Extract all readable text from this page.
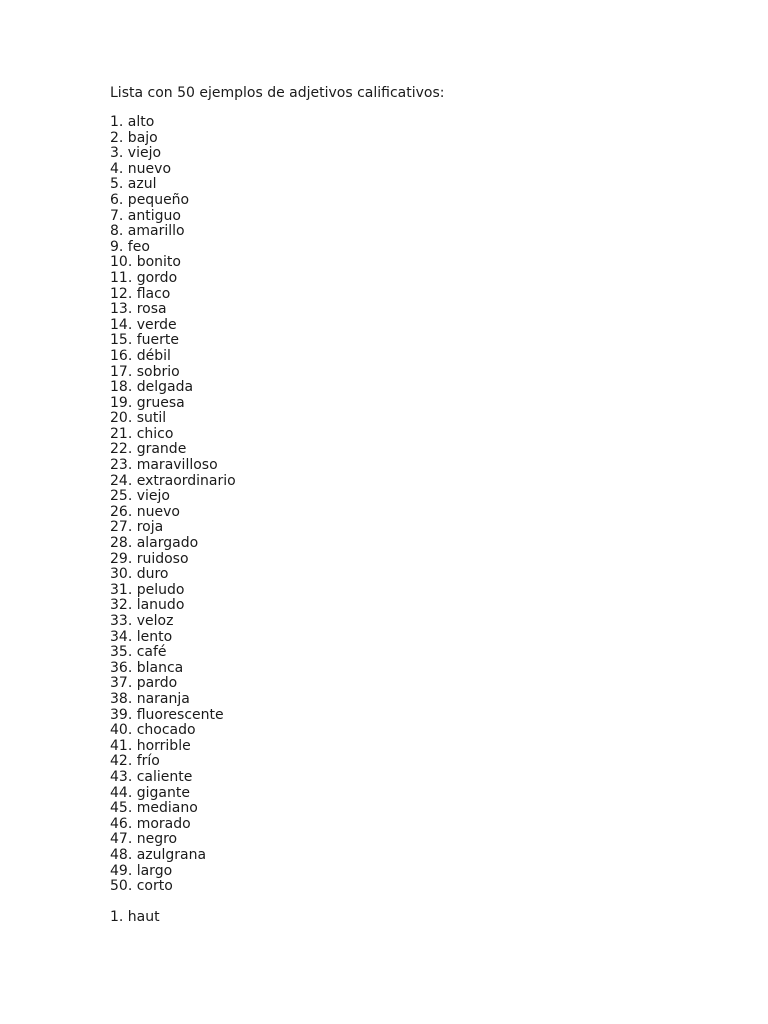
Lista con 50 ejemplos de adjetivos calificativos:
1. alto
2. bajo
3. viejo
4. nuevo
5. azul
6. pequeño
7. antiguo
8. amarillo
9. feo
10. bonito
11. gordo
12. flaco
13. rosa
14. verde
15. fuerte
16. débil
17. sobrio
18. delgada
19. gruesa
20. sutil
21. chico
22. grande
23. maravilloso
24. extraordinario
25. viejo
26. nuevo
27. roja
28. alargado
29. ruidoso
30. duro
31. peludo
32. lanudo
33. veloz
34. lento
35. café
36. blanca
37. pardo
38. naranja
39. fluorescente
40. chocado
41. horrible
42. frío
43. caliente
44. gigante
45. mediano
46. morado
47. negro
48. azulgrana
49. largo
50. corto
1. haut
